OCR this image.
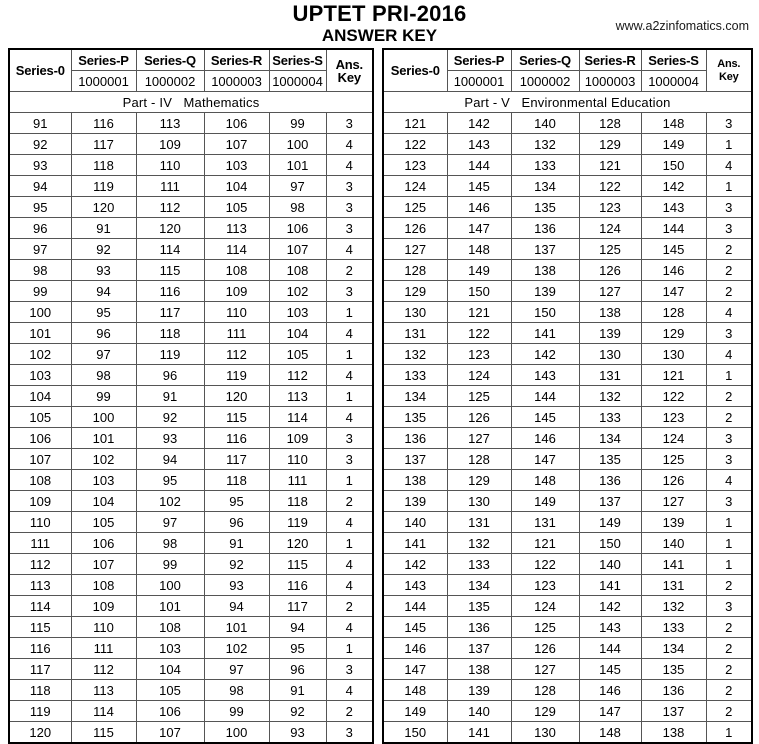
UPTET PRI-2016
ANSWER KEY	www.a2zinfomatics.com
Series-0	Series-P	Series-Q	Series-R	Series-S	Ans. Key
	1000001	1000002	1000003	1000004	
Part - IV Mathematics					
91	116	113	106	99	3
92	117	109	107	100	4
93	118	110	103	101	4
94	119	111	104	97	3
95	120	112	105	98	3
96	91	120	113	106	3
97	92	114	114	107	4
98	93	115	108	108	2
99	94	116	109	102	3
100	95	117	110	103	1
101	96	118	111	104	4
102	97	119	112	105	1
103	98	96	119	112	4
104	99	91	120	113	1
105	100	92	115	114	4
106	101	93	116	109	3
107	102	94	117	110	3
108	103	95	118	111	1
109	104	102	95	118	2
110	105	97	96	119	4
111	106	98	91	120	1
112	107	99	92	115	4
113	108	100	93	116	4
114	109	101	94	117	2
115	110	108	101	94	4
116	111	103	102	95	1
117	112	104	97	96	3
118	113	105	98	91	4
119	114	106	99	92	2
120	115	107	100	93	3
Series-0	Series-P	Series-Q	Series-R	Series-S	Ans.
Key

	1000001	1000002	1000003	1000004	
Part - V Environmental Education					
121	142	140	128	148	3
122	143	132	129	149	1
123	144	133	121	150	4
124	145	134	122	142	1
125	146	135	123	143	3
126	147	136	124	144	3
127	148	137	125	145	2
128	149	138	126	146	2
129	150	139	127	147	2
130	121	150	138	128	4
131	122	141	139	129	3
132	123	142	130	130	4
133	124	143	131	121	1
134	125	144	132	122	2
135	126	145	133	123	2
136	127	146	134	124	3
137	128	147	135	125	3
138	129	148	136	126	4
139	130	149	137	127	3
140	131	131	149	139	1
141	132	121	150	140	1
142	133	122	140	141	1
143	134	123	141	131	2
144	135	124	142	132	3
145	136	125	143	133	2
146	137	126	144	134	2
147	138	127	145	135	2
148	139	128	146	136	2
149	140	129	147	137	2
150	141	130	148	138	1
